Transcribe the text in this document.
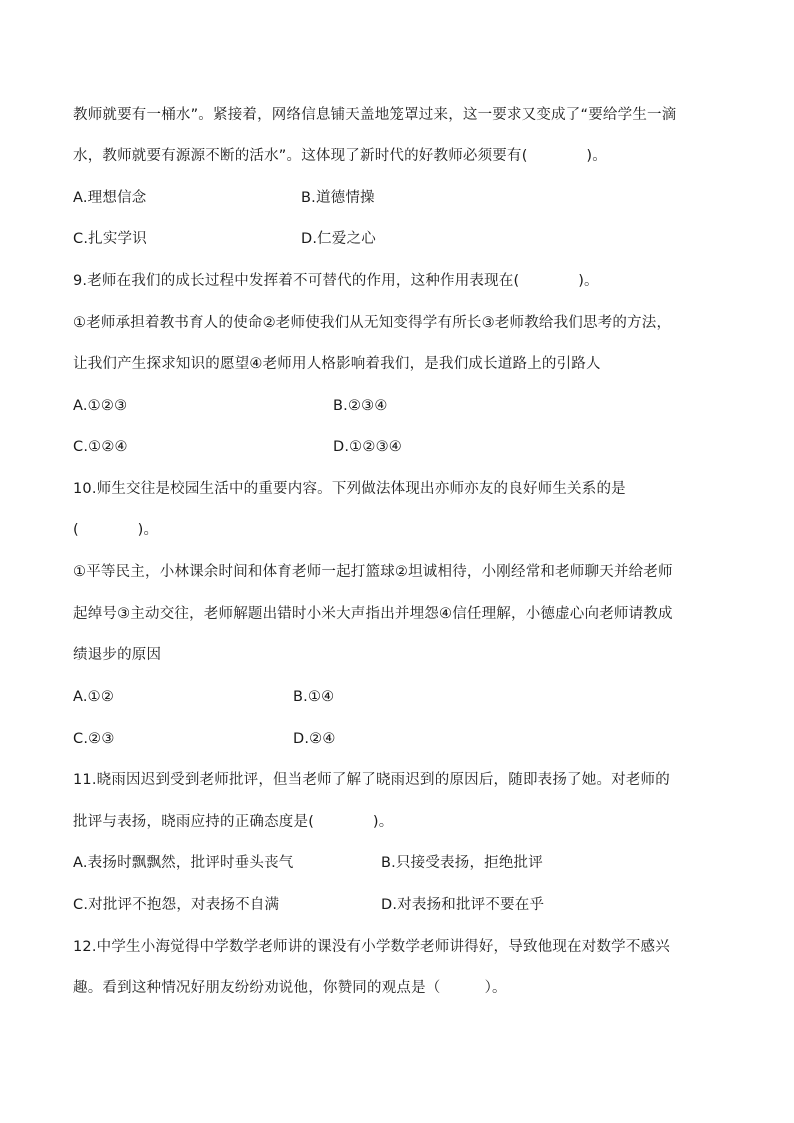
教师就要有一桶水”。紧接着，网络信息铺天盖地笼罩过来，这一要求又变成了“要给学生一滴
水，教师就要有源源不断的活水”。这体现了新时代的好教师必须要有(　　　　)。
A.理想信念	B.道德情操
C.扎实学识	D.仁爱之心
9.老师在我们的成长过程中发挥着不可替代的作用，这种作用表现在(　　　　)。
①老师承担着教书育人的使命②老师使我们从无知变得学有所长③老师教给我们思考的方法，
让我们产生探求知识的愿望④老师用人格影响着我们，是我们成长道路上的引路人
A.①②③	B.②③④
C.①②④	D.①②③④
10.师生交往是校园生活中的重要内容。下列做法体现出亦师亦友的良好师生关系的是
(　　　　)。
①平等民主，小林课余时间和体育老师一起打篮球②坦诚相待，小刚经常和老师聊天并给老师
起绰号③主动交往，老师解题出错时小米大声指出并埋怨④信任理解，小德虚心向老师请教成
绩退步的原因
A.①②	B.①④
C.②③	D.②④
11.晓雨因迟到受到老师批评，但当老师了解了晓雨迟到的原因后，随即表扬了她。对老师的
批评与表扬，晓雨应持的正确态度是(　　　　)。
A.表扬时飘飘然，批评时垂头丧气	B.只接受表扬，拒绝批评
C.对批评不抱怨，对表扬不自满	D.对表扬和批评不要在乎
12.中学生小海觉得中学数学老师讲的课没有小学数学老师讲得好，导致他现在对数学不感兴
趣。看到这种情况好朋友纷纷劝说他，你赞同的观点是（　　　）。
